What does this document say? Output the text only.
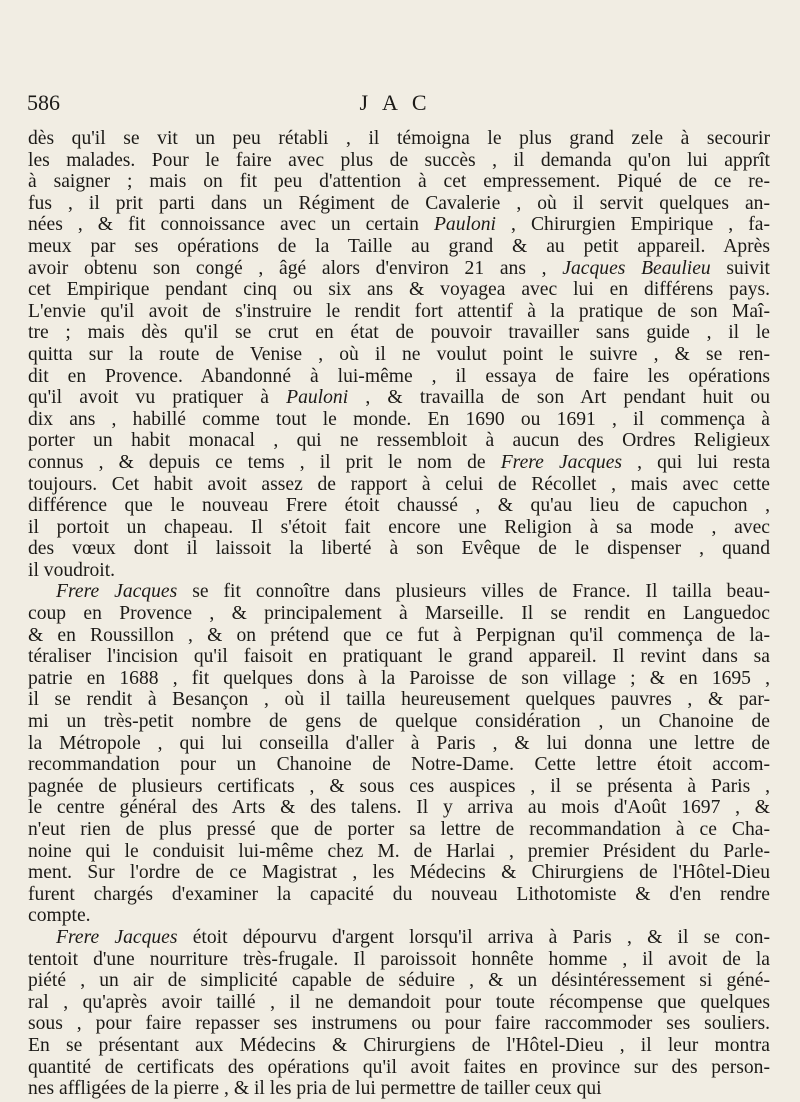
586	JAC

dès qu'il se vit un peu rétabli , il témoigna le plus grand zele à secourir
les malades. Pour le faire avec plus de succès , il demanda qu'on lui apprît
à saigner ; mais on fit peu d'attention à cet empressement. Piqué de ce re-
fus , il prit parti dans un Régiment de Cavalerie , où il servit quelques an-
nées , & fit connoissance avec un certain Pauloni , Chirurgien Empirique , fa-
meux par ses opérations de la Taille au grand & au petit appareil. Après
avoir obtenu son congé , âgé alors d'environ 21 ans , Jacques Beaulieu suivit
cet Empirique pendant cinq ou six ans & voyagea avec lui en différens pays.
L'envie qu'il avoit de s'instruire le rendit fort attentif à la pratique de son Maî-
tre ; mais dès qu'il se crut en état de pouvoir travailler sans guide , il le
quitta sur la route de Venise , où il ne voulut point le suivre , & se ren-
dit en Provence. Abandonné à lui-même , il essaya de faire les opérations
qu'il avoit vu pratiquer à Pauloni , & travailla de son Art pendant huit ou
dix ans , habillé comme tout le monde. En 1690 ou 1691 , il commença à
porter un habit monacal , qui ne ressembloit à aucun des Ordres Religieux
connus , & depuis ce tems , il prit le nom de Frere Jacques , qui lui resta
toujours. Cet habit avoit assez de rapport à celui de Récollet , mais avec cette
différence que le nouveau Frere étoit chaussé , & qu'au lieu de capuchon ,
il portoit un chapeau. Il s'étoit fait encore une Religion à sa mode , avec
des vœux dont il laissoit la liberté à son Evêque de le dispenser , quand
il voudroit.

Frere Jacques se fit connoître dans plusieurs villes de France. Il tailla beau-
coup en Provence , & principalement à Marseille. Il se rendit en Languedoc
& en Roussillon , & on prétend que ce fut à Perpignan qu'il commença de la-
téraliser l'incision qu'il faisoit en pratiquant le grand appareil. Il revint dans sa
patrie en 1688 , fit quelques dons à la Paroisse de son village ; & en 1695 ,
il se rendit à Besançon , où il tailla heureusement quelques pauvres , & par-
mi un très-petit nombre de gens de quelque considération , un Chanoine de
la Métropole , qui lui conseilla d'aller à Paris , & lui donna une lettre de
recommandation pour un Chanoine de Notre-Dame. Cette lettre étoit accom-
pagnée de plusieurs certificats , & sous ces auspices , il se présenta à Paris ,
le centre général des Arts & des talens. Il y arriva au mois d'Août 1697 , &
n'eut rien de plus pressé que de porter sa lettre de recommandation à ce Cha-
noine qui le conduisit lui-même chez M. de Harlai , premier Président du Parle-
ment. Sur l'ordre de ce Magistrat , les Médecins & Chirurgiens de l'Hôtel-Dieu
furent chargés d'examiner la capacité du nouveau Lithotomiste & d'en rendre
compte.

Frere Jacques étoit dépourvu d'argent lorsqu'il arriva à Paris , & il se con-
tentoit d'une nourriture très-frugale. Il paroissoit honnête homme , il avoit de la
piété , un air de simplicité capable de séduire , & un désintéressement si géné-
ral , qu'après avoir taillé , il ne demandoit pour toute récompense que quelques
sous , pour faire repasser ses instrumens ou pour faire raccommoder ses souliers.
En se présentant aux Médecins & Chirurgiens de l'Hôtel-Dieu , il leur montra
quantité de certificats des opérations qu'il avoit faites en province sur des person-
nes affligées de la pierre , & il les pria de lui permettre de tailler ceux qui
